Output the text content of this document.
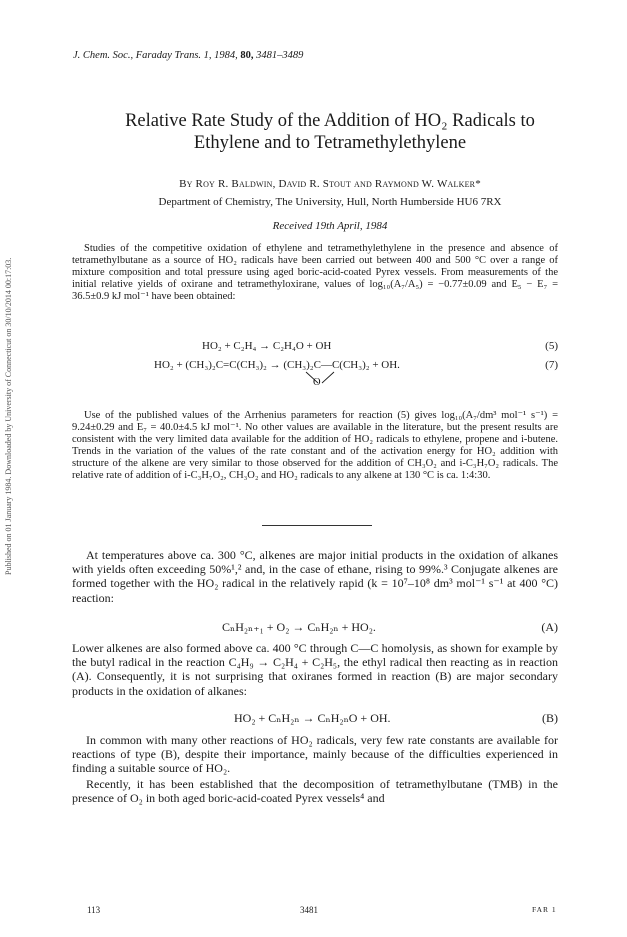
J. Chem. Soc., Faraday Trans. 1, 1984, 80, 3481–3489
Published on 01 January 1984. Downloaded by University of Connecticut on 30/10/2014 00:17:03.
Relative Rate Study of the Addition of HO₂ Radicals to
Ethylene and to Tetramethylethylene
By Roy R. Baldwin, David R. Stout and Raymond W. Walker*
Department of Chemistry, The University, Hull, North Humberside HU6 7RX
Received 19th April, 1984
Studies of the competitive oxidation of ethylene and tetramethylethylene in the presence and absence of tetramethylbutane as a source of HO₂ radicals have been carried out between 400 and 500 °C over a range of mixture composition and total pressure using aged boric-acid-coated Pyrex vessels. From measurements of the initial relative yields of oxirane and tetramethyloxirane, values of log₁₀(A₇/A₅) = −0.77±0.09 and E₅ − E₇ = 36.5±0.9 kJ mol⁻¹ have been obtained:
HO₂ + C₂H₄ → C₂H₄O + OH	(5)
HO₂ + (CH₃)₂C=C(CH₃)₂ → (CH₃)₂C—C(CH₃)₂ + OH.	(7)
O
Use of the published values of the Arrhenius parameters for reaction (5) gives log₁₀(A₇/dm³ mol⁻¹ s⁻¹) = 9.24±0.29 and E₇ = 40.0±4.5 kJ mol⁻¹. No other values are available in the literature, but the present results are consistent with the very limited data available for the addition of HO₂ radicals to ethylene, propene and i-butene. Trends in the variation of the values of the rate constant and of the activation energy for HO₂ addition with structure of the alkene are very similar to those observed for the addition of CH₃O₂ and i-C₃H₇O₂ radicals. The relative rate of addition of i-C₃H₇O₂, CH₃O₂ and HO₂ radicals to any alkene at 130 °C is ca. 1:4:30.
At temperatures above ca. 300 °C, alkenes are major initial products in the oxidation of alkanes with yields often exceeding 50%¹,² and, in the case of ethane, rising to 99%.³ Conjugate alkenes are formed together with the HO₂ radical in the relatively rapid (k = 10⁷–10⁸ dm³ mol⁻¹ s⁻¹ at 400 °C) reaction:
CₙH₂ₙ₊₁ + O₂ → CₙH₂ₙ + HO₂.	(A)
Lower alkenes are also formed above ca. 400 °C through C—C homolysis, as shown for example by the butyl radical in the reaction C₄H₉ → C₂H₄ + C₂H₅, the ethyl radical then reacting as in reaction (A). Consequently, it is not surprising that oxiranes formed in reaction (B) are major secondary products in the oxidation of alkanes:
HO₂ + CₙH₂ₙ → CₙH₂ₙO + OH.	(B)
In common with many other reactions of HO₂ radicals, very few rate constants are available for reactions of type (B), despite their importance, mainly because of the difficulties experienced in finding a suitable source of HO₂.
Recently, it has been established that the decomposition of tetramethylbutane (TMB) in the presence of O₂ in both aged boric-acid-coated Pyrex vessels⁴ and
113	3481	FAR 1
